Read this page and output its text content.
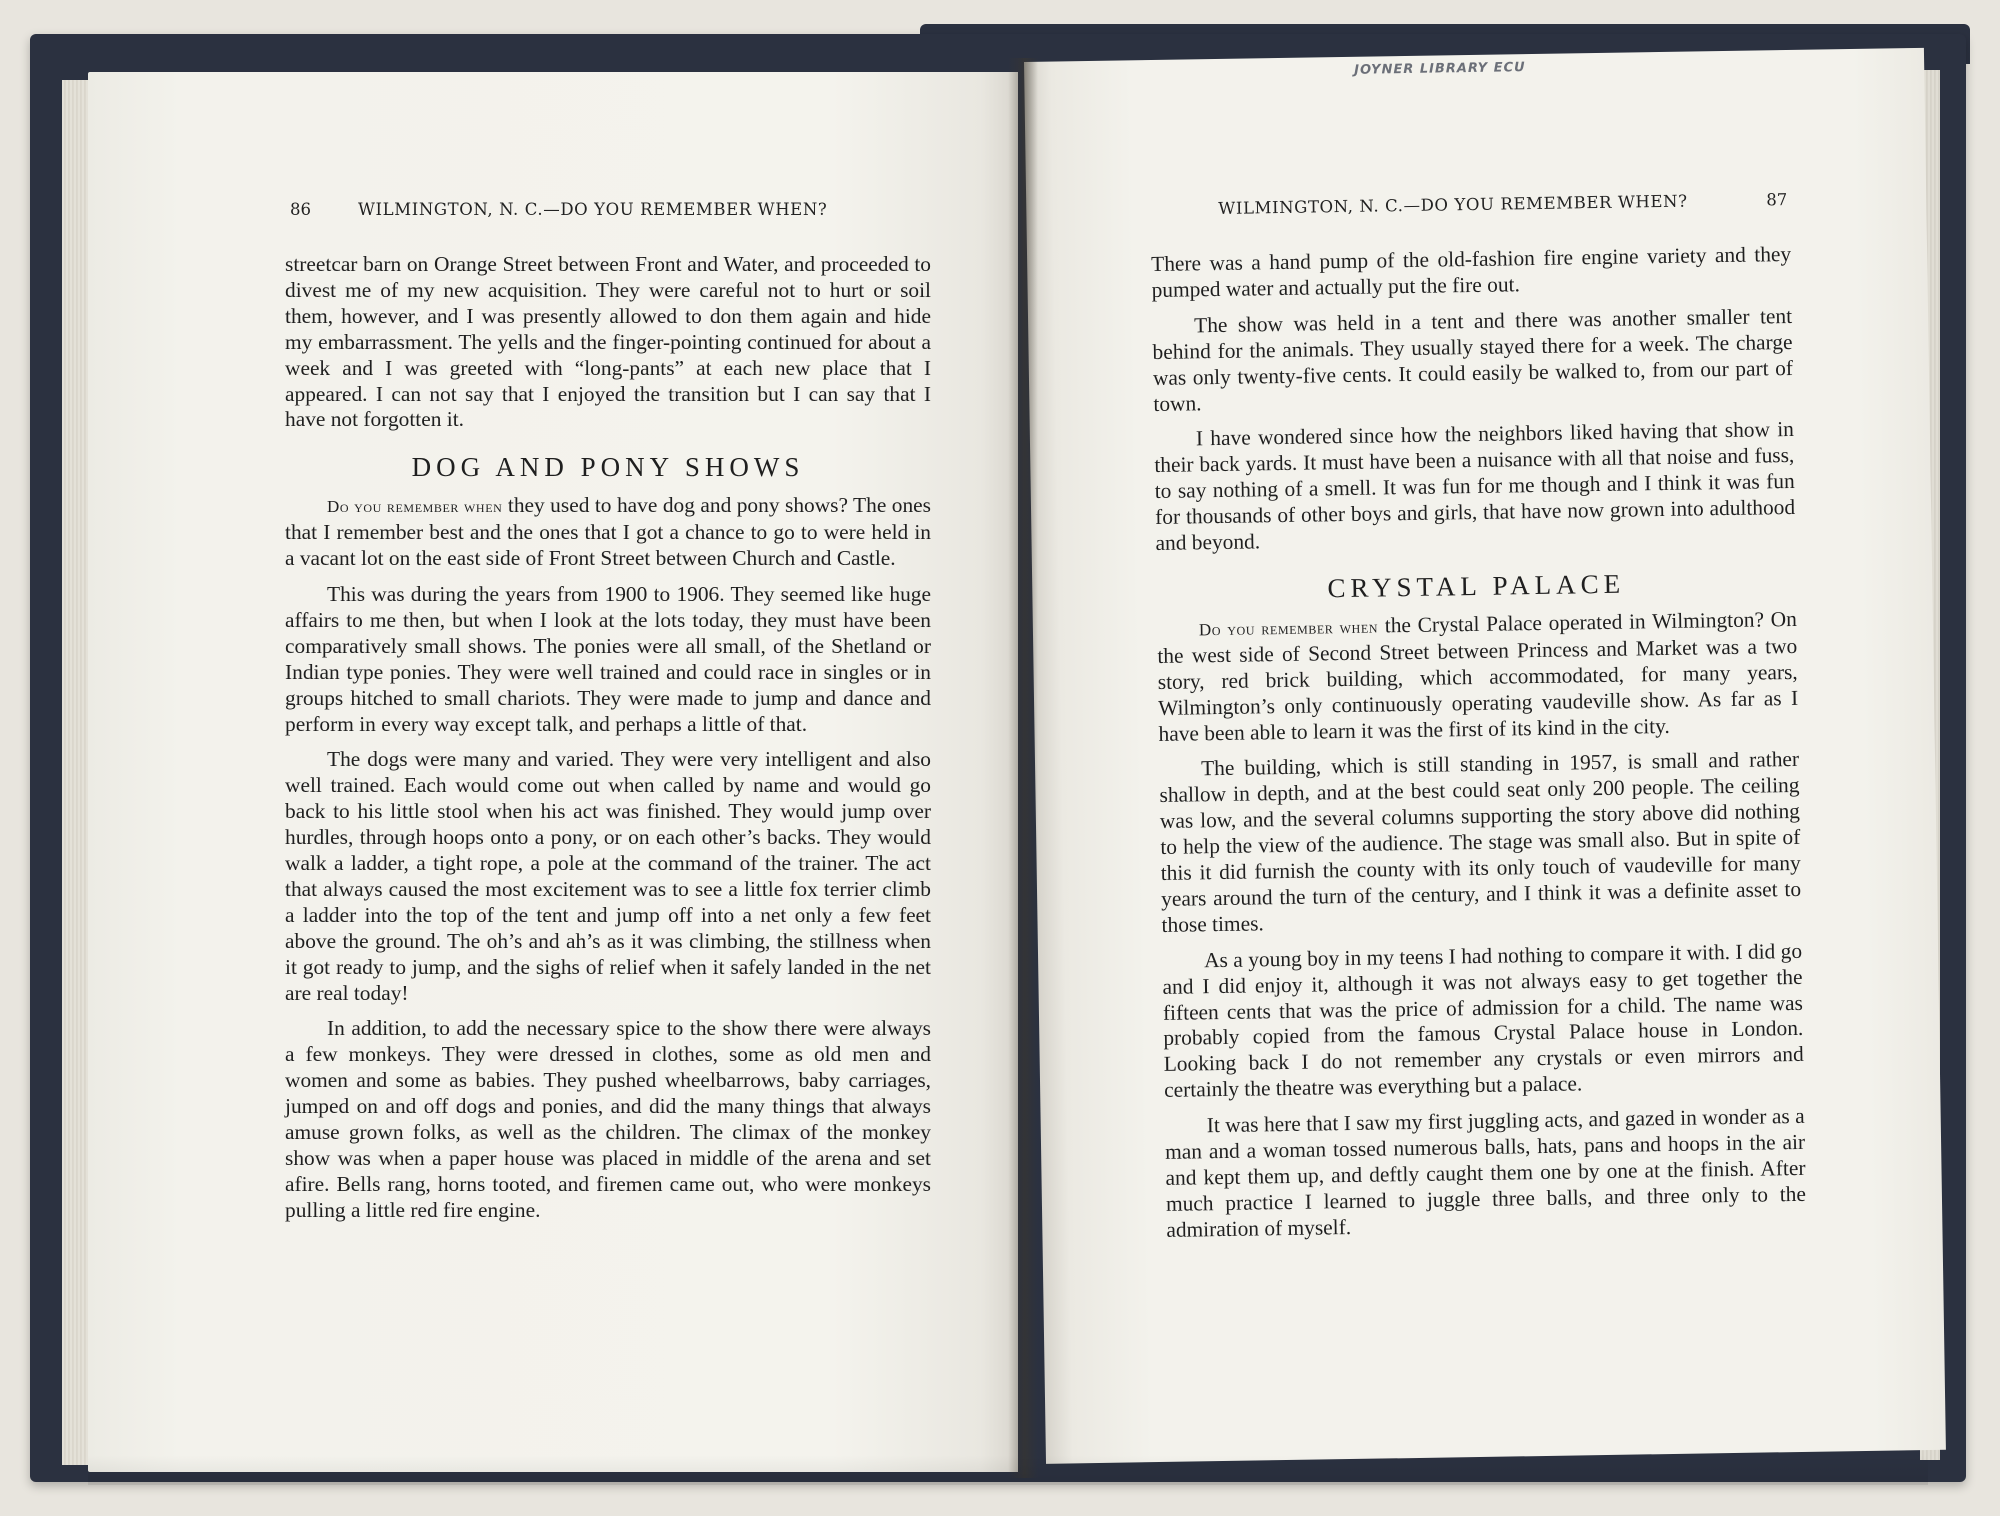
86	WILMINGTON, N. C.—DO YOU REMEMBER WHEN?

streetcar barn on Orange Street between Front and Water, and proceeded to divest me of my new acquisition. They were careful not to hurt or soil them, however, and I was presently allowed to don them again and hide my embarrassment. The yells and the finger-pointing continued for about a week and I was greeted with “long-pants” at each new place that I appeared. I can not say that I enjoyed the transition but I can say that I have not forgotten it.

DOG AND PONY SHOWS

Do you remember when they used to have dog and pony shows? The ones that I remember best and the ones that I got a chance to go to were held in a vacant lot on the east side of Front Street between Church and Castle.

This was during the years from 1900 to 1906. They seemed like huge affairs to me then, but when I look at the lots today, they must have been comparatively small shows. The ponies were all small, of the Shetland or Indian type ponies. They were well trained and could race in singles or in groups hitched to small chariots. They were made to jump and dance and perform in every way except talk, and perhaps a little of that.

The dogs were many and varied. They were very intelligent and also well trained. Each would come out when called by name and would go back to his little stool when his act was finished. They would jump over hurdles, through hoops onto a pony, or on each other’s backs. They would walk a ladder, a tight rope, a pole at the command of the trainer. The act that always caused the most excitement was to see a little fox terrier climb a ladder into the top of the tent and jump off into a net only a few feet above the ground. The oh’s and ah’s as it was climbing, the stillness when it got ready to jump, and the sighs of relief when it safely landed in the net are real today!

In addition, to add the necessary spice to the show there were always a few monkeys. They were dressed in clothes, some as old men and women and some as babies. They pushed wheelbarrows, baby carriages, jumped on and off dogs and ponies, and did the many things that always amuse grown folks, as well as the children. The climax of the monkey show was when a paper house was placed in middle of the arena and set afire. Bells rang, horns tooted, and firemen came out, who were monkeys pulling a little red fire engine.

JOYNER LIBRARY ECU
WILMINGTON, N. C.—DO YOU REMEMBER WHEN?	87

There was a hand pump of the old-fashion fire engine variety and they pumped water and actually put the fire out.

The show was held in a tent and there was another smaller tent behind for the animals. They usually stayed there for a week. The charge was only twenty-five cents. It could easily be walked to, from our part of town.

I have wondered since how the neighbors liked having that show in their back yards. It must have been a nuisance with all that noise and fuss, to say nothing of a smell. It was fun for me though and I think it was fun for thousands of other boys and girls, that have now grown into adulthood and beyond.

CRYSTAL PALACE

Do you remember when the Crystal Palace operated in Wilmington? On the west side of Second Street between Princess and Market was a two story, red brick building, which accommodated, for many years, Wilmington’s only continuously operating vaudeville show. As far as I have been able to learn it was the first of its kind in the city.

The building, which is still standing in 1957, is small and rather shallow in depth, and at the best could seat only 200 people. The ceiling was low, and the several columns supporting the story above did nothing to help the view of the audience. The stage was small also. But in spite of this it did furnish the county with its only touch of vaudeville for many years around the turn of the century, and I think it was a definite asset to those times.

As a young boy in my teens I had nothing to compare it with. I did go and I did enjoy it, although it was not always easy to get together the fifteen cents that was the price of admission for a child. The name was probably copied from the famous Crystal Palace house in London. Looking back I do not remember any crystals or even mirrors and certainly the theatre was everything but a palace.

It was here that I saw my first juggling acts, and gazed in wonder as a man and a woman tossed numerous balls, hats, pans and hoops in the air and kept them up, and deftly caught them one by one at the finish. After much practice I learned to juggle three balls, and three only to the admiration of myself.
